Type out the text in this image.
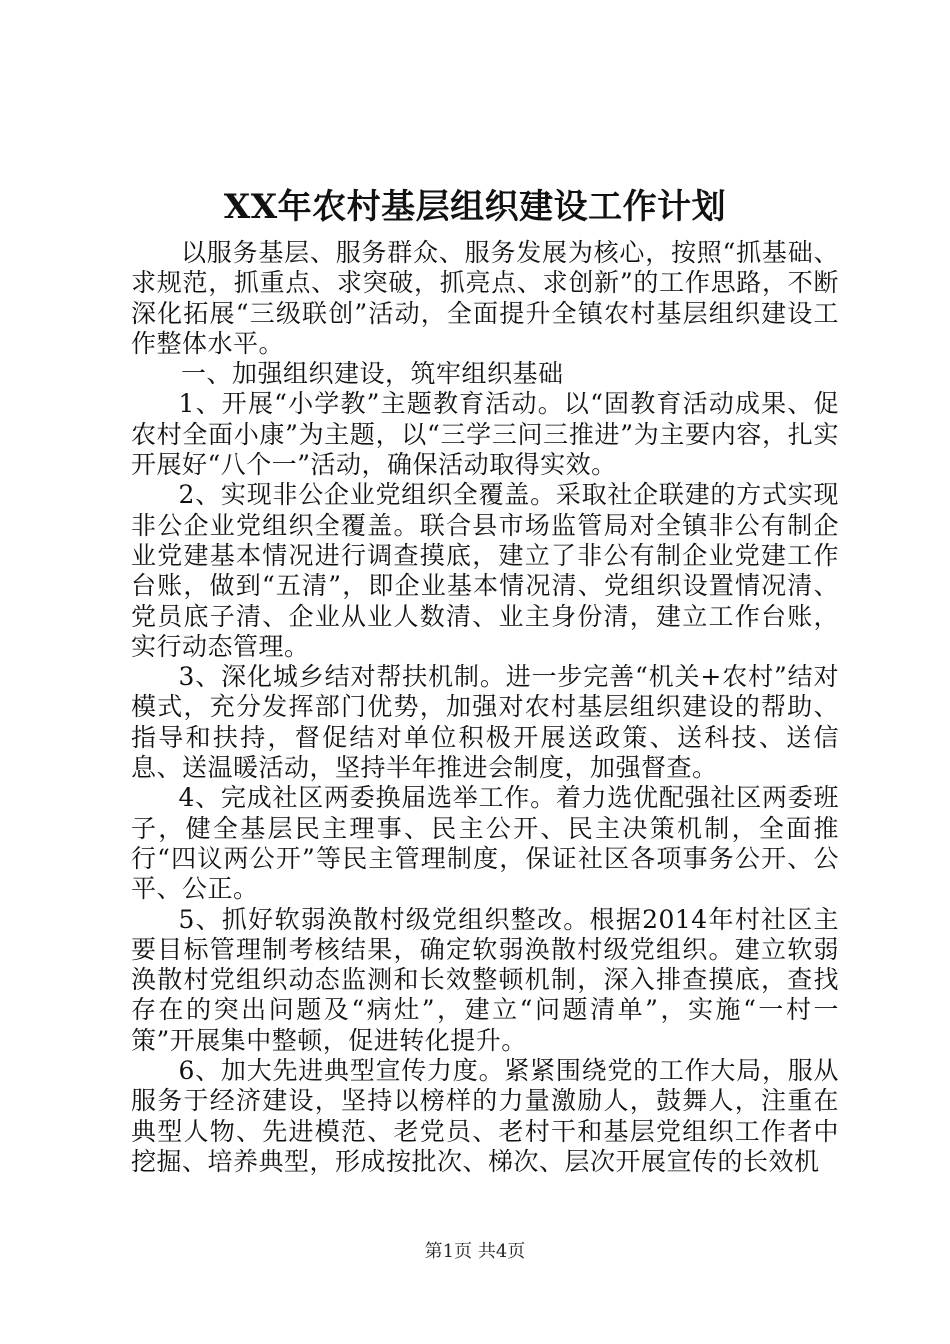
XX年农村基层组织建设工作计划

以服务基层、服务群众、服务发展为核心，按照“抓基础、求规范，抓重点、求突破，抓亮点、求创新”的工作思路，不断深化拓展“三级联创”活动，全面提升全镇农村基层组织建设工作整体水平。

一、加强组织建设，筑牢组织基础

1、开展“小学教”主题教育活动。以“固教育活动成果、促农村全面小康”为主题，以“三学三问三推进”为主要内容，扎实开展好“八个一”活动，确保活动取得实效。

2、实现非公企业党组织全覆盖。采取社企联建的方式实现非公企业党组织全覆盖。联合县市场监管局对全镇非公有制企业党建基本情况进行调查摸底，建立了非公有制企业党建工作台账，做到“五清”，即企业基本情况清、党组织设置情况清、党员底子清、企业从业人数清、业主身份清，建立工作台账，实行动态管理。

3、深化城乡结对帮扶机制。进一步完善“机关+农村”结对模式，充分发挥部门优势，加强对农村基层组织建设的帮助、指导和扶持，督促结对单位积极开展送政策、送科技、送信息、送温暖活动，坚持半年推进会制度，加强督查。

4、完成社区两委换届选举工作。着力选优配强社区两委班子，健全基层民主理事、民主公开、民主决策机制，全面推行“四议两公开”等民主管理制度，保证社区各项事务公开、公平、公正。

5、抓好软弱涣散村级党组织整改。根据2014年村社区主要目标管理制考核结果，确定软弱涣散村级党组织。建立软弱涣散村党组织动态监测和长效整顿机制，深入排查摸底，查找存在的突出问题及“病灶”，建立“问题清单”，实施“一村一策”开展集中整顿，促进转化提升。

6、加大先进典型宣传力度。紧紧围绕党的工作大局，服从服务于经济建设，坚持以榜样的力量激励人，鼓舞人，注重在典型人物、先进模范、老党员、老村干和基层党组织工作者中挖掘、培养典型，形成按批次、梯次、层次开展宣传的长效机

第1页 共4页
